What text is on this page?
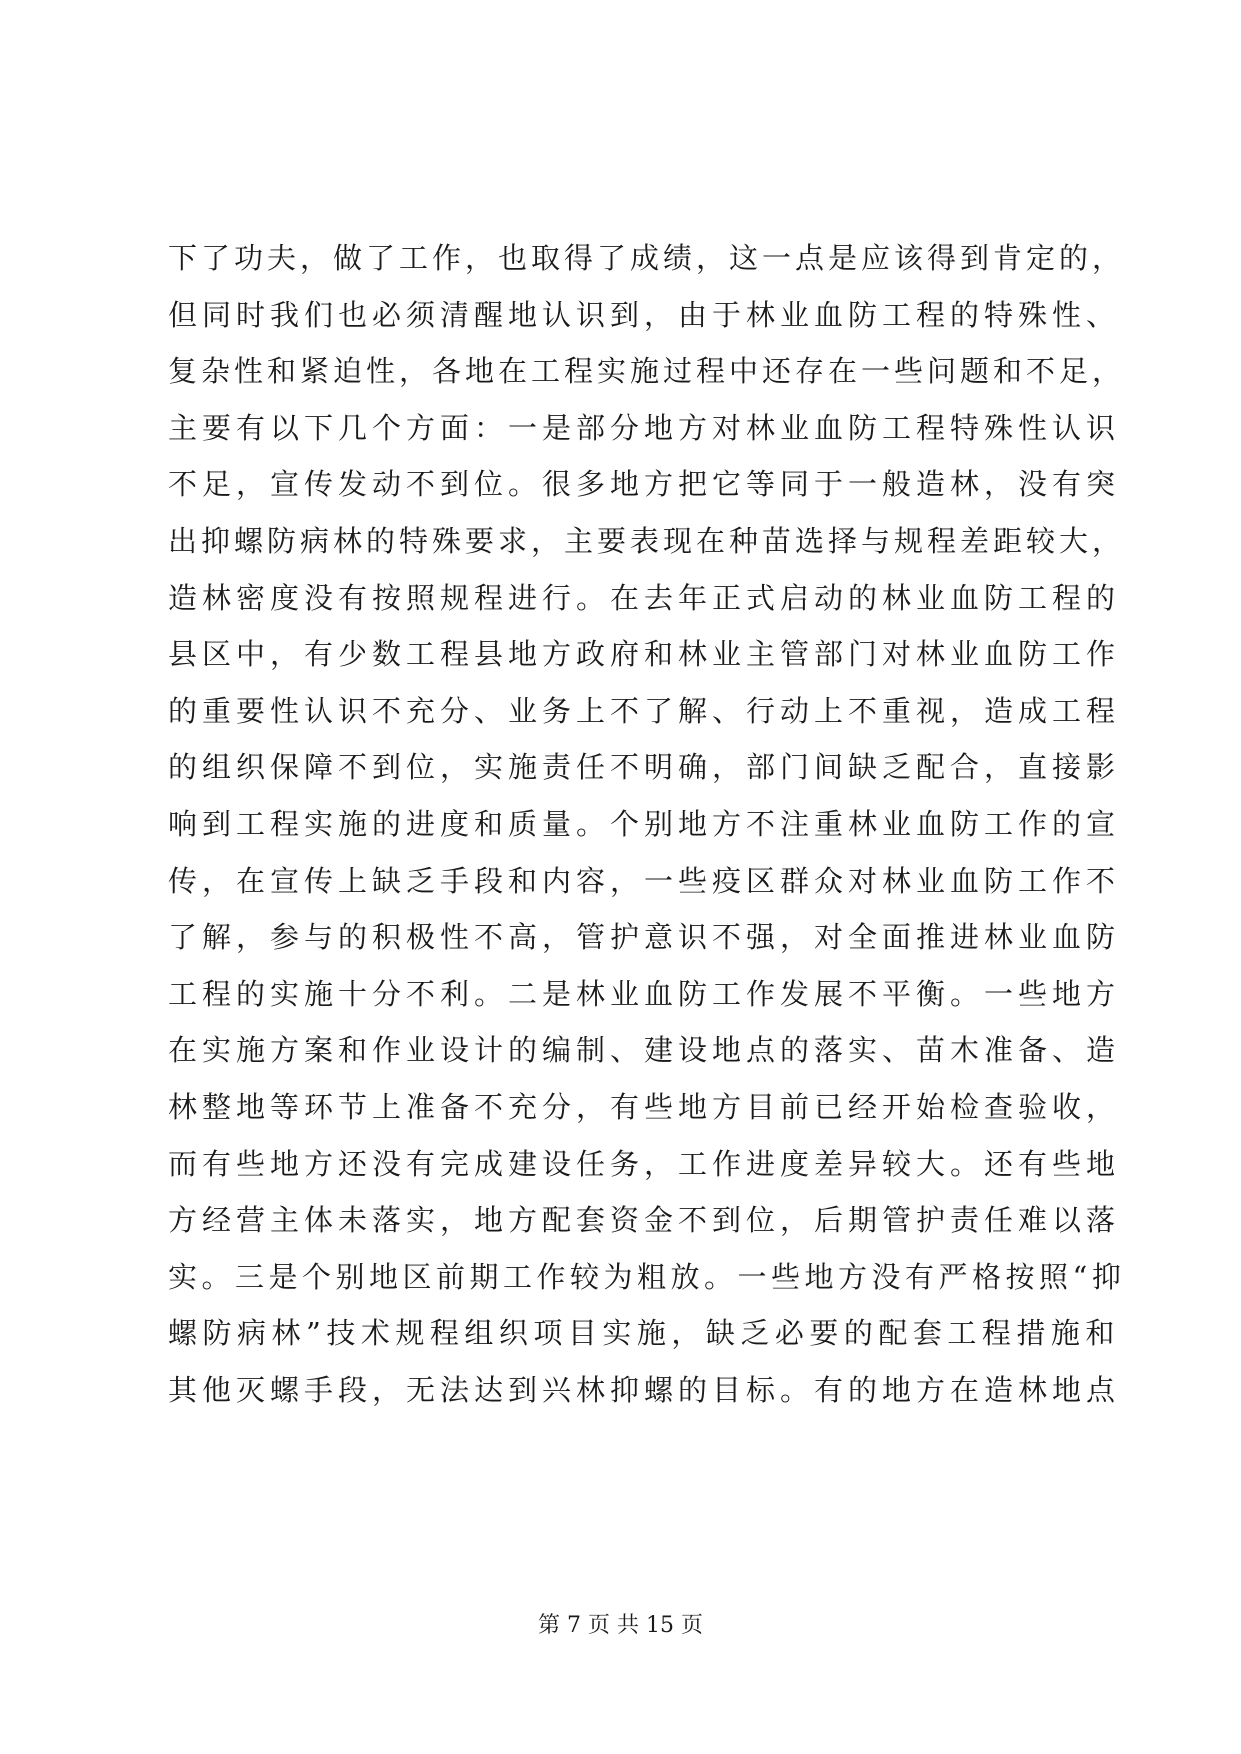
下了功夫，做了工作，也取得了成绩，这一点是应该得到肯定的，
但同时我们也必须清醒地认识到，由于林业血防工程的特殊性、
复杂性和紧迫性，各地在工程实施过程中还存在一些问题和不足，
主要有以下几个方面：一是部分地方对林业血防工程特殊性认识
不足，宣传发动不到位。很多地方把它等同于一般造林，没有突
出抑螺防病林的特殊要求，主要表现在种苗选择与规程差距较大，
造林密度没有按照规程进行。在去年正式启动的林业血防工程的
县区中，有少数工程县地方政府和林业主管部门对林业血防工作
的重要性认识不充分、业务上不了解、行动上不重视，造成工程
的组织保障不到位，实施责任不明确，部门间缺乏配合，直接影
响到工程实施的进度和质量。个别地方不注重林业血防工作的宣
传，在宣传上缺乏手段和内容，一些疫区群众对林业血防工作不
了解，参与的积极性不高，管护意识不强，对全面推进林业血防
工程的实施十分不利。二是林业血防工作发展不平衡。一些地方
在实施方案和作业设计的编制、建设地点的落实、苗木准备、造
林整地等环节上准备不充分，有些地方目前已经开始检查验收，
而有些地方还没有完成建设任务，工作进度差异较大。还有些地
方经营主体未落实，地方配套资金不到位，后期管护责任难以落
实。三是个别地区前期工作较为粗放。一些地方没有严格按照“抑
螺防病林”技术规程组织项目实施，缺乏必要的配套工程措施和
其他灭螺手段，无法达到兴林抑螺的目标。有的地方在造林地点
第 7 页 共 15 页
